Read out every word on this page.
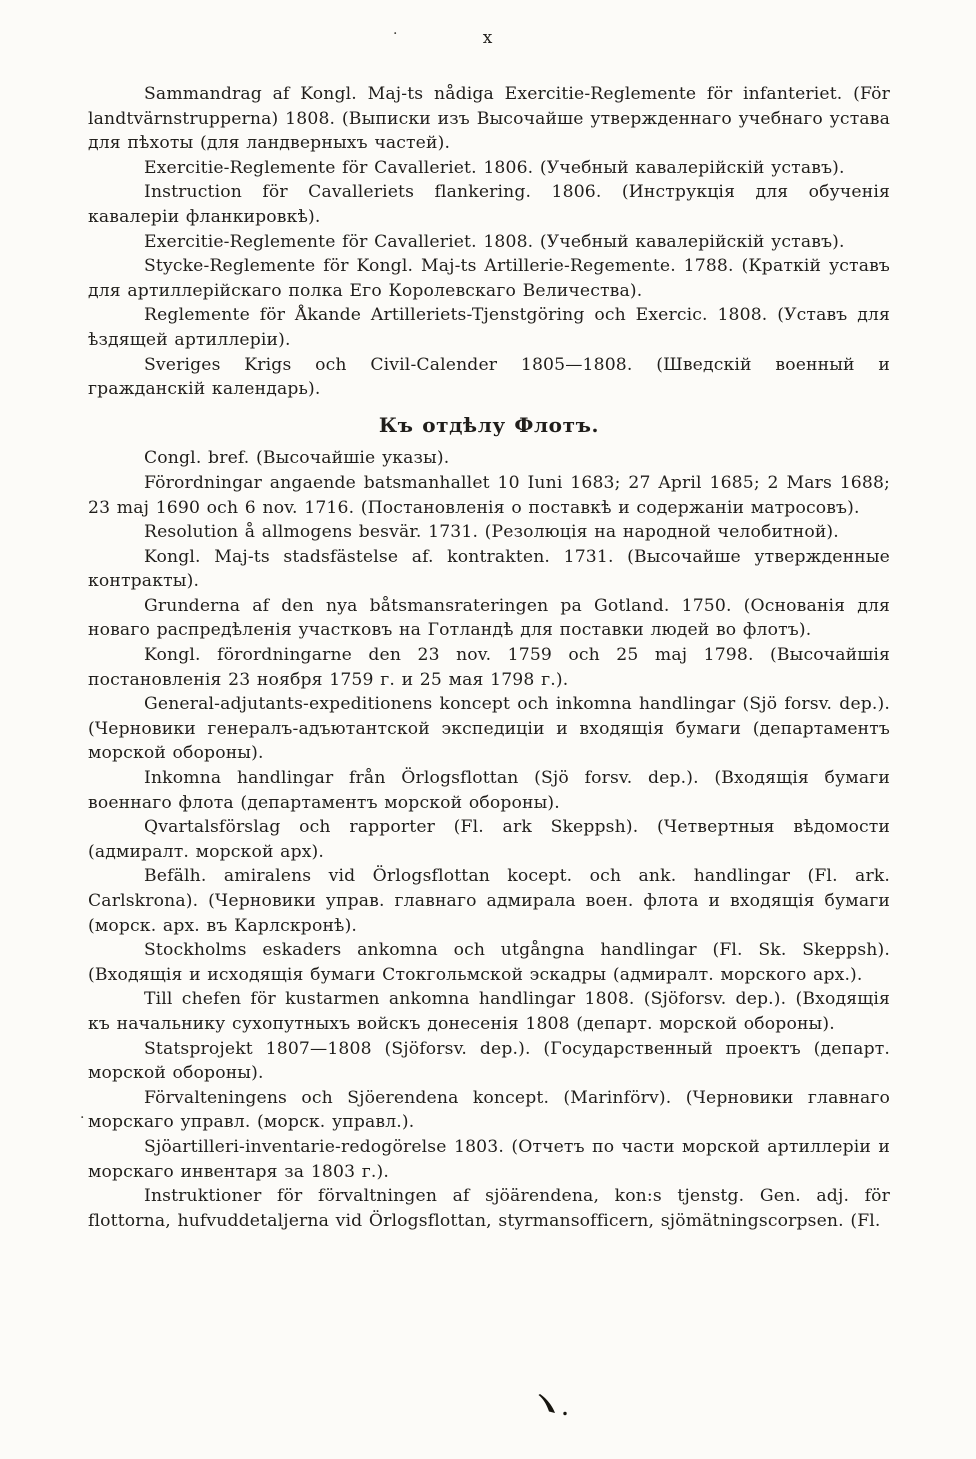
x
·

Sammandrag af Kongl. Maj-ts nådiga Exercitie-Reglemente för infanteriet. (För landtvärnstrupperna) 1808. (Выписки изъ Высочайше утвержденнаго учебнаго устава для пѣхоты (для ландверныхъ частей).

Exercitie-Reglemente för Cavalleriet. 1806. (Учебный кавалерійскій уставъ).

Instruction för Cavalleriets flankering. 1806. (Инструкція для обученія кавалеріи фланкировкѣ).

Exercitie-Reglemente för Cavalleriet. 1808. (Учебный кавалерійскій уставъ).

Stycke-Reglemente för Kongl. Maj-ts Artillerie-Regemente. 1788. (Краткій уставъ для артиллерійскаго полка Его Королевскаго Величества).

Reglemente för Åkande Artilleriets-Tjenstgöring och Exercic. 1808. (Уставъ для ѣздящей артиллеріи).

Sveriges Krigs och Civil-Calender 1805—1808. (Шведскій военный и гражданскій календарь).

Къ отдѣлу Флотъ.

Congl. bref. (Высочайшіе указы).

Förordningar angaende batsmanhallet 10 Iuni 1683; 27 April 1685; 2 Mars 1688; 23 maj 1690 och 6 nov. 1716. (Постановленія о поставкѣ и содержаніи матросовъ).

Resolution å allmogens besvär. 1731. (Резолюція на народной челобитной).

Kongl. Maj-ts stadsfästelse af. kontrakten. 1731. (Высочайше утвержденные контракты).

Grunderna af den nya båtsmansrateringen pa Gotland. 1750. (Основанія для новаго распредѣленія участковъ на Готландѣ для поставки людей во флотъ).

Kongl. förordningarne den 23 nov. 1759 och 25 maj 1798. (Высочайшія постановленія 23 ноября 1759 г. и 25 мая 1798 г.).

General-adjutants-expeditionens koncept och inkomna handlingar (Sjö forsv. dep.). (Черновики генералъ-адъютантской экспедиціи и входящія бумаги (департаментъ морской обороны).

Inkomna handlingar från Örlogsflottan (Sjö forsv. dep.). (Входящія бумаги военнаго флота (департаментъ морской обороны).

Qvartalsförslag och rapporter (Fl. ark Skeppsh). (Четвертныя вѣдомости (адмиралт. морской арх).

Befälh. amiralens vid Örlogsflottan kocept. och ank. handlingar (Fl. ark. Carlskrona). (Черновики управ. главнаго адмирала воен. флота и входящія бумаги (морск. арх. въ Карлскронѣ).

Stockholms eskaders ankomna och utgångna handlingar (Fl. Sk. Skeppsh). (Входящія и исходящія бумаги Стокгольмской эскадры (адмиралт. морского арх.).

Till chefen för kustarmen ankomna handlingar 1808. (Sjöforsv. dep.). (Входящія къ начальнику сухопутныхъ войскъ донесенія 1808 (департ. морской обороны).

Statsprojekt 1807—1808 (Sjöforsv. dep.). (Государственный проектъ (департ. морской обороны).

Förvalteningens och Sjöerendena koncept. (Marinförv). (Черновики главнаго морскаго управл. (морск. управл.).

Sjöartilleri-inventarie-redogörelse 1803. (Отчетъ по части морской артиллеріи и морскаго инвентаря за 1803 г.).

Instruktioner för förvaltningen af sjöärendena, kon:s tjenstg. Gen. adj. för flottorna, hufvuddetaljerna vid Örlogsflottan, styrmansofficern, sjömätningscorpsen. (Fl.

·
